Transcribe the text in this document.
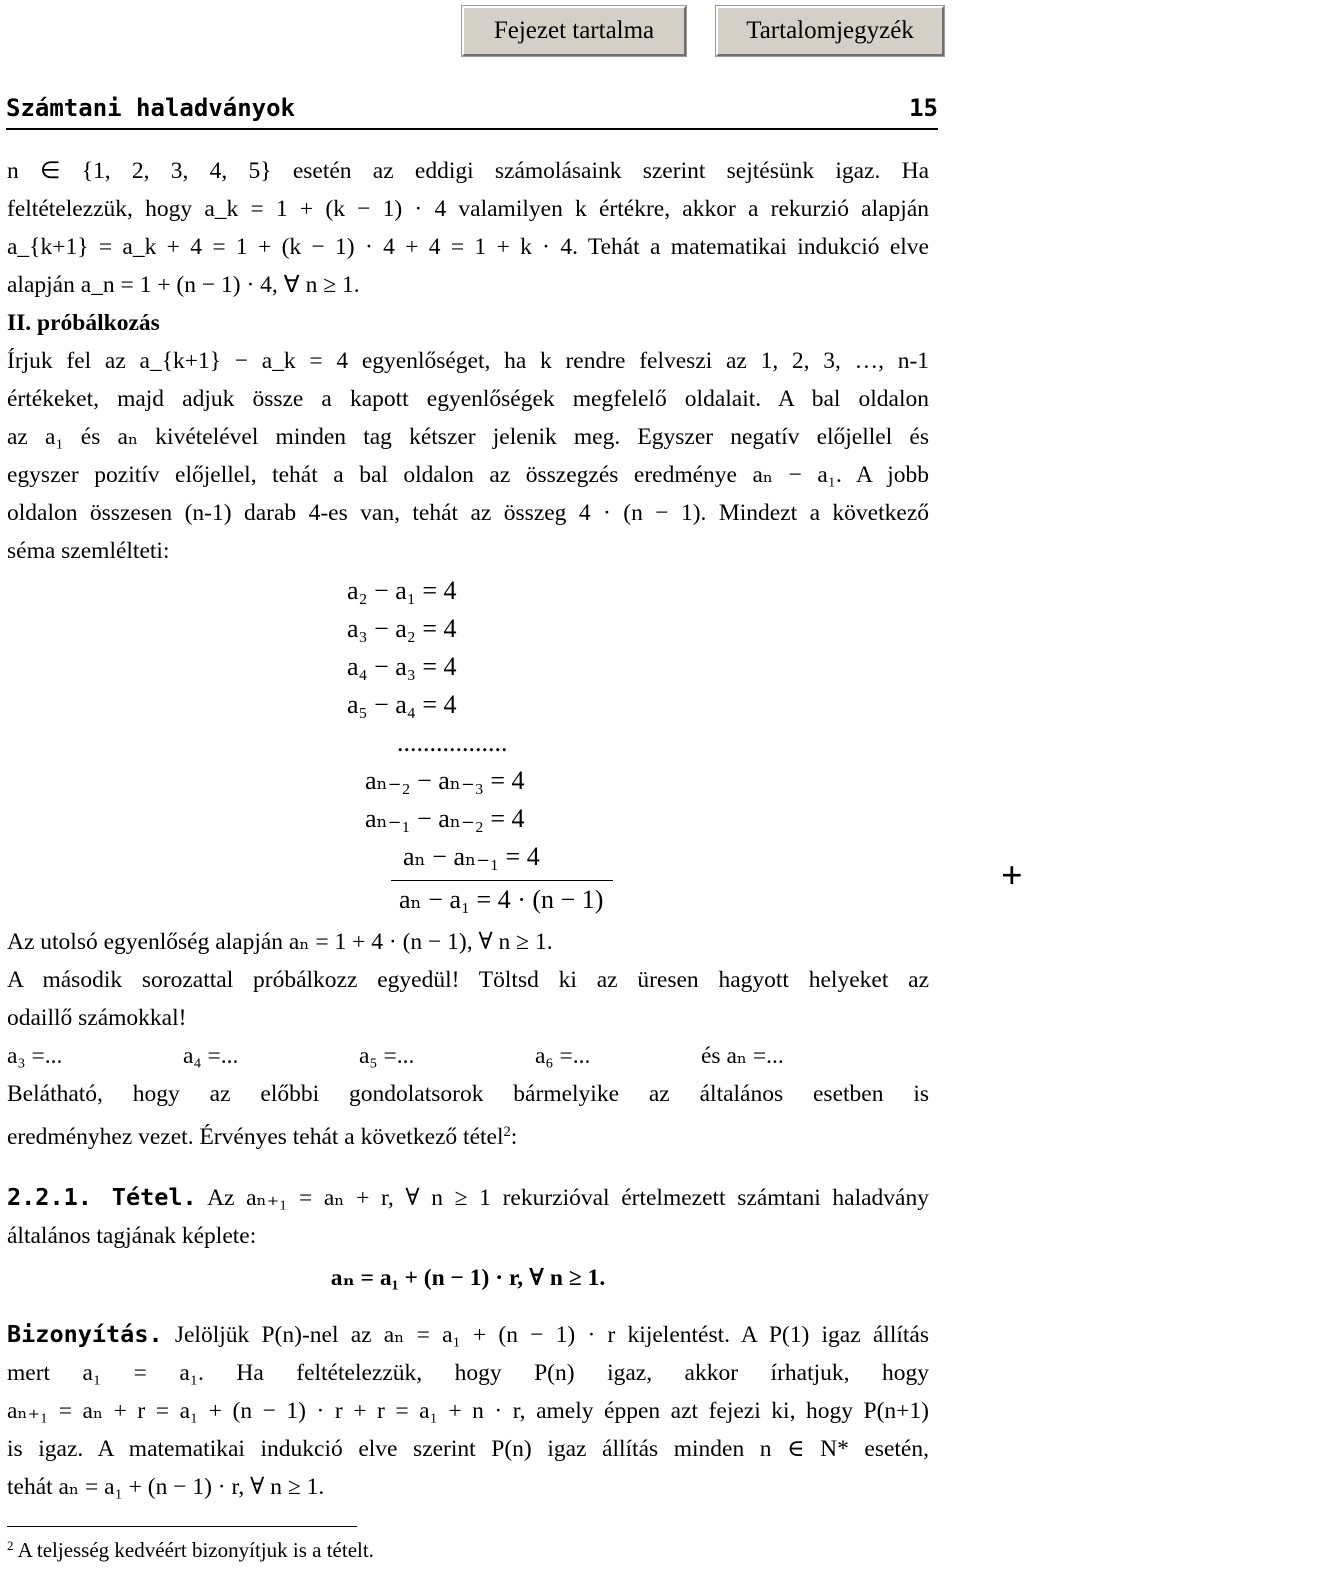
Fejezet tartalma	Tartalomjegyzék
Számtani haladványok	15

n ∈ {1, 2, 3, 4, 5} esetén az eddigi számolásaink szerint sejtésünk igaz. Ha

feltételezzük, hogy a_k = 1 + (k − 1) · 4 valamilyen k értékre, akkor a rekurzió alapján

a_{k+1} = a_k + 4 = 1 + (k − 1) · 4 + 4 = 1 + k · 4. Tehát a matematikai indukció elve

alapján a_n = 1 + (n − 1) · 4, ∀ n ≥ 1.

II. próbálkozás

Írjuk fel az a_{k+1} − a_k = 4 egyenlőséget, ha k rendre felveszi az 1, 2, 3, …, n-1

értékeket, majd adjuk össze a kapott egyenlőségek megfelelő oldalait. A bal oldalon

az a₁ és aₙ kivételével minden tag kétszer jelenik meg. Egyszer negatív előjellel és

egyszer pozitív előjellel, tehát a bal oldalon az összegzés eredménye aₙ − a₁. A jobb

oldalon összesen (n-1) darab 4-es van, tehát az összeg 4 · (n − 1). Mindezt a következő

séma szemlélteti:

a₂ − a₁ = 4
a₃ − a₂ = 4
a₄ − a₃ = 4
a₅ − a₄ = 4
.................
aₙ₋₂ − aₙ₋₃ = 4
aₙ₋₁ − aₙ₋₂ = 4
aₙ − aₙ₋₁ = 4	+
aₙ − a₁ = 4 · (n − 1)

Az utolsó egyenlőség alapján aₙ = 1 + 4 · (n − 1), ∀ n ≥ 1.

A második sorozattal próbálkozz egyedül! Töltsd ki az üresen hagyott helyeket az

odaillő számokkal!

a₃ =...	a₄ =...	a₅ =...	a₆ =...	és aₙ =...

Belátható, hogy az előbbi gondolatsorok bármelyike az általános esetben is

eredményhez vezet. Érvényes tehát a következő tétel$^2$:

2.2.1. Tétel. Az aₙ₊₁ = aₙ + r, ∀ n ≥ 1 rekurzióval értelmezett számtani haladvány

általános tagjának képlete:

aₙ = a₁ + (n − 1) · r, ∀ n ≥ 1.

Bizonyítás. Jelöljük P(n)-nel az aₙ = a₁ + (n − 1) · r kijelentést. A P(1) igaz állítás

mert a₁ = a₁. Ha feltételezzük, hogy P(n) igaz, akkor írhatjuk, hogy

aₙ₊₁ = aₙ + r = a₁ + (n − 1) · r + r = a₁ + n · r, amely éppen azt fejezi ki, hogy P(n+1)

is igaz. A matematikai indukció elve szerint P(n) igaz állítás minden n ∈ N* esetén,

tehát aₙ = a₁ + (n − 1) · r, ∀ n ≥ 1.

$^2$ A teljesség kedvéért bizonyítjuk is a tételt.
